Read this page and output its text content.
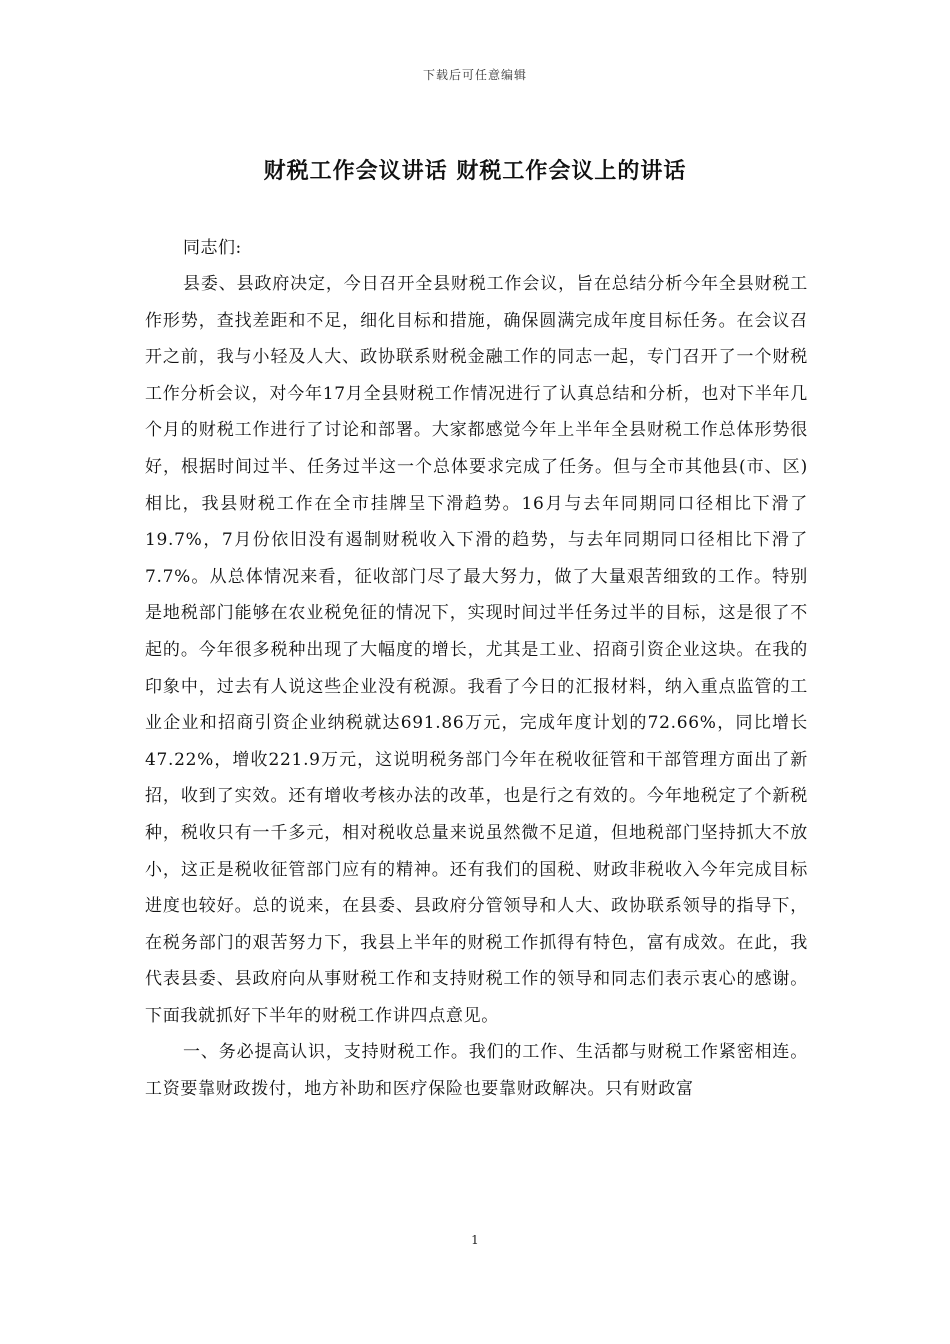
下载后可任意编辑
财税工作会议讲话 财税工作会议上的讲话

同志们:

县委、县政府决定，今日召开全县财税工作会议，旨在总结分析今年全县财税工作形势，查找差距和不足，细化目标和措施，确保圆满完成年度目标任务。在会议召开之前，我与小轻及人大、政协联系财税金融工作的同志一起，专门召开了一个财税工作分析会议，对今年17月全县财税工作情况进行了认真总结和分析，也对下半年几个月的财税工作进行了讨论和部署。大家都感觉今年上半年全县财税工作总体形势很好，根据时间过半、任务过半这一个总体要求完成了任务。但与全市其他县(市、区)相比，我县财税工作在全市挂牌呈下滑趋势。16月与去年同期同口径相比下滑了19.7%，7月份依旧没有遏制财税收入下滑的趋势，与去年同期同口径相比下滑了7.7%。从总体情况来看，征收部门尽了最大努力，做了大量艰苦细致的工作。特别是地税部门能够在农业税免征的情况下，实现时间过半任务过半的目标，这是很了不起的。今年很多税种出现了大幅度的增长，尤其是工业、招商引资企业这块。在我的印象中，过去有人说这些企业没有税源。我看了今日的汇报材料，纳入重点监管的工业企业和招商引资企业纳税就达691.86万元，完成年度计划的72.66%，同比增长47.22%，增收221.9万元，这说明税务部门今年在税收征管和干部管理方面出了新招，收到了实效。还有增收考核办法的改革，也是行之有效的。今年地税定了个新税种，税收只有一千多元，相对税收总量来说虽然微不足道，但地税部门坚持抓大不放小，这正是税收征管部门应有的精神。还有我们的国税、财政非税收入今年完成目标进度也较好。总的说来，在县委、县政府分管领导和人大、政协联系领导的指导下，在税务部门的艰苦努力下，我县上半年的财税工作抓得有特色，富有成效。在此，我代表县委、县政府向从事财税工作和支持财税工作的领导和同志们表示衷心的感谢。下面我就抓好下半年的财税工作讲四点意见。

一、务必提高认识，支持财税工作。我们的工作、生活都与财税工作紧密相连。工资要靠财政拨付，地方补助和医疗保险也要靠财政解决。只有财政富

1
